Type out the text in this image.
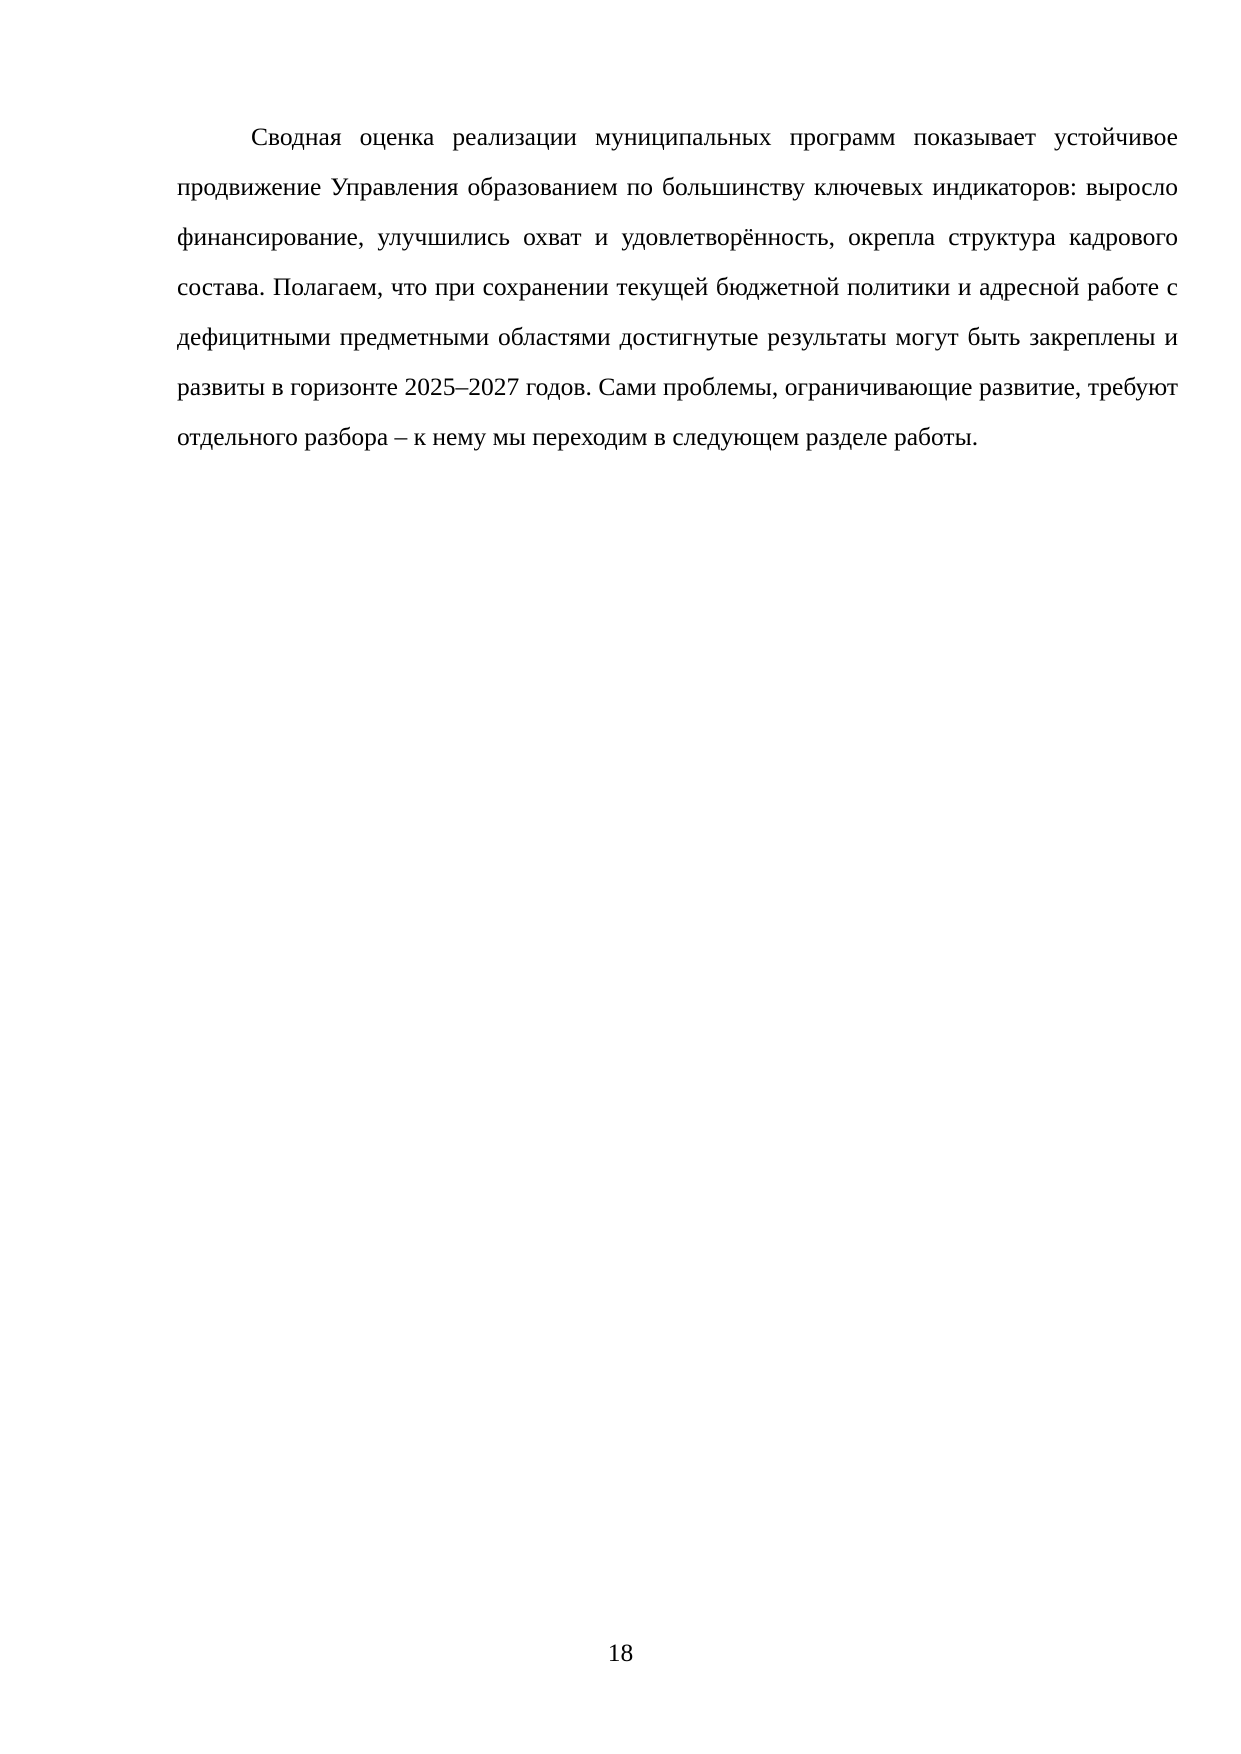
Сводная оценка реализации муниципальных программ показывает устойчивое продвижение Управления образованием по большинству ключевых индикаторов: выросло финансирование, улучшились охват и удовлетворённость, окрепла структура кадрового состава. Полагаем, что при сохранении текущей бюджетной политики и адресной работе с дефицитными предметными областями достигнутые результаты могут быть закреплены и развиты в горизонте 2025–2027 годов. Сами проблемы, ограничивающие развитие, требуют отдельного разбора – к нему мы переходим в следующем разделе работы.

18
